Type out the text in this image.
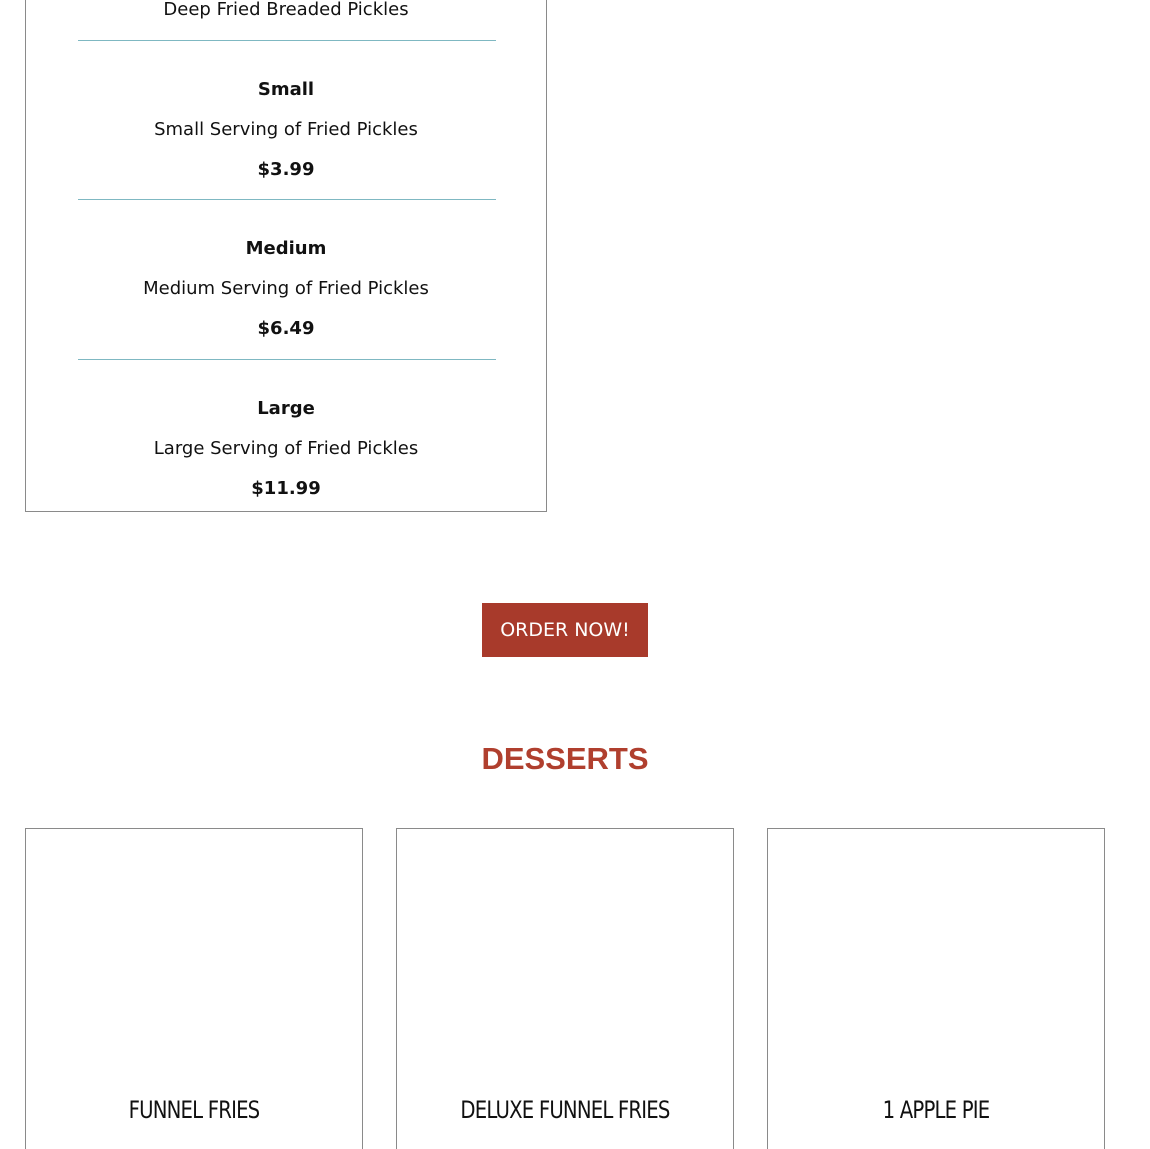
Deep Fried Breaded Pickles
Small
Small Serving of Fried Pickles
$3.99
Medium
Medium Serving of Fried Pickles
$6.49
Large
Large Serving of Fried Pickles
$11.99
ORDER NOW!
DESSERTS
FUNNEL FRIES	DELUXE FUNNEL FRIES	1 APPLE PIE
